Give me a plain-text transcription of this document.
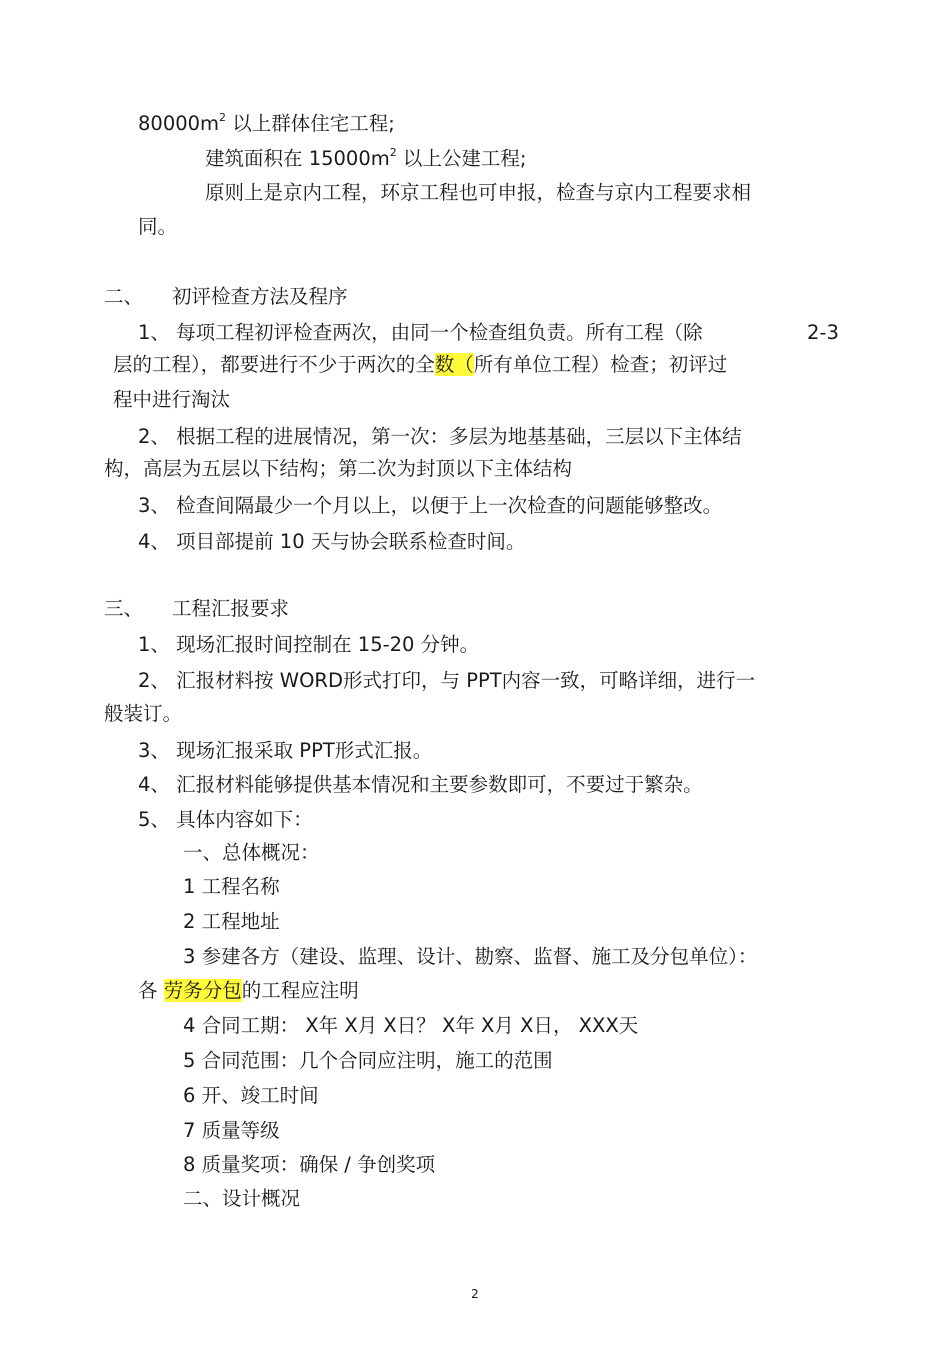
$80000m^2$ 以上群体住宅工程;
建筑面积在 $15000m^2$ 以上公建工程;
原则上是京内工程，环京工程也可申报，检查与京内工程要求相
同。
二、 初评检查方法及程序
1、 每项工程初评检查两次，由同一个检查组负责。所有工程（除	2-3
层的工程），都要进行不少于两次的全数（所有单位工程）检查；初评过
程中进行淘汰
2、 根据工程的进展情况，第一次：多层为地基基础，三层以下主体结
构，高层为五层以下结构；第二次为封顶以下主体结构
3、 检查间隔最少一个月以上，以便于上一次检查的问题能够整改。
4、 项目部提前 10 天与协会联系检查时间。
三、 工程汇报要求
1、 现场汇报时间控制在 15-20 分钟。
2、 汇报材料按 WORD形式打印，与 PPT内容一致，可略详细，进行一
般装订。
3、 现场汇报采取 PPT形式汇报。
4、 汇报材料能够提供基本情况和主要参数即可，不要过于繁杂。
5、 具体内容如下：
一、总体概况：
1 工程名称
2 工程地址
3 参建各方（建设、监理、设计、勘察、监督、施工及分包单位）：
各 劳务分包的工程应注明
4 合同工期： X年 X月 X日？ X年 X月 X日， XXX天
5 合同范围：几个合同应注明，施工的范围
6 开、竣工时间
7 质量等级
8 质量奖项：确保 / 争创奖项
二、设计概况
2
